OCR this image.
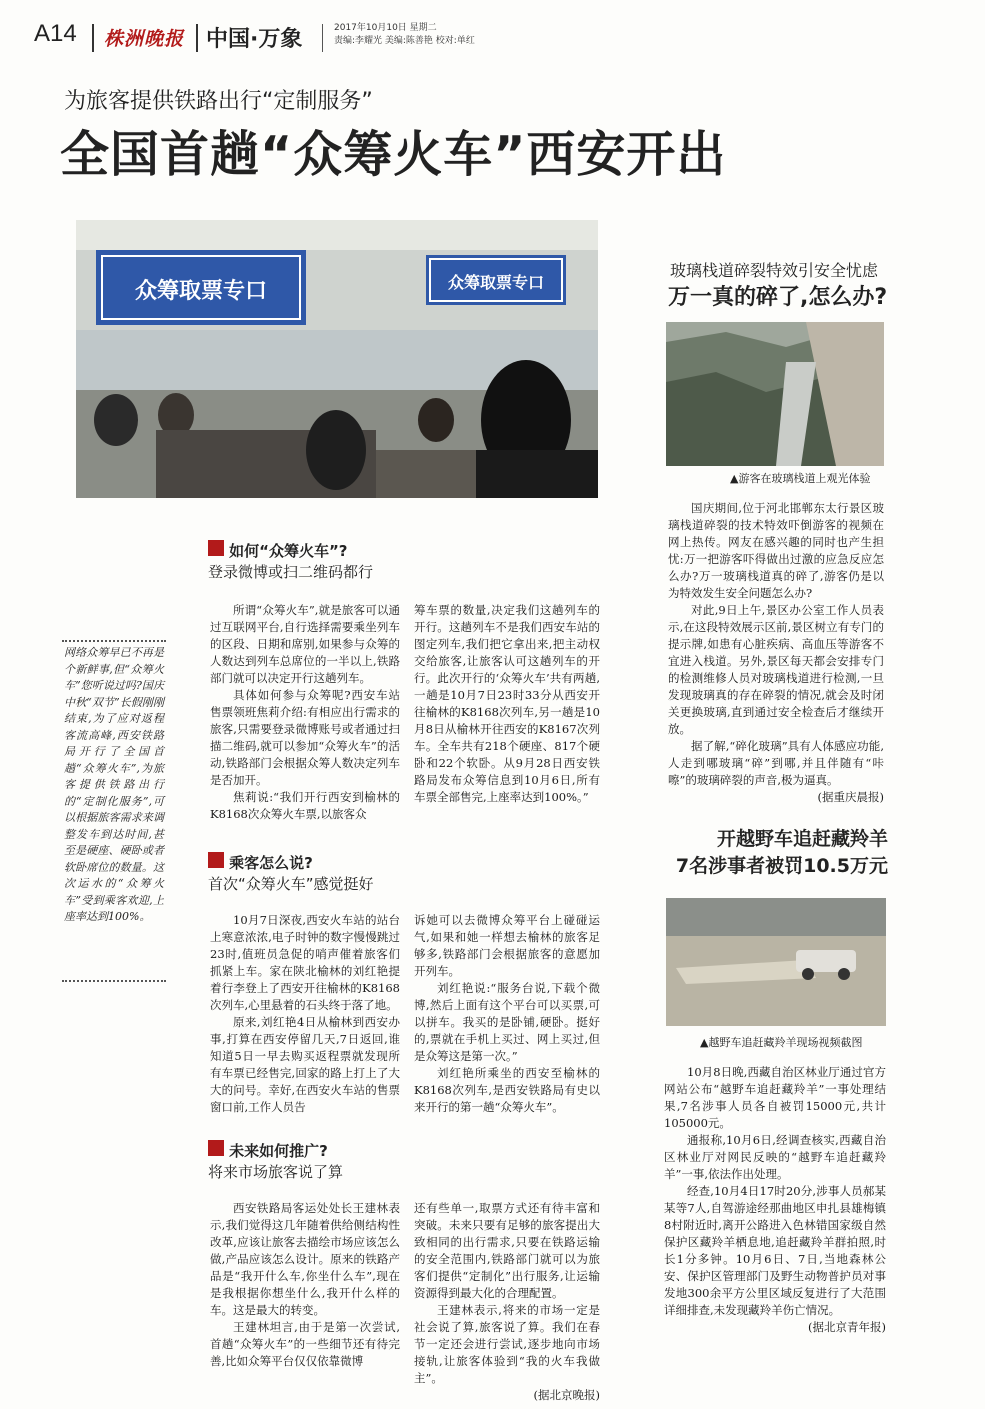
A14 株洲晚报 中国·万象	2017年10月10日 星期二
责编:李耀光 美编:陈善艳 校对:单红
为旅客提供铁路出行“定制服务”
全国首趟“众筹火车”西安开出
众筹取票专口	众筹取票专口
玻璃栈道碎裂特效引安全忧虑
万一真的碎了,怎么办?
▲游客在玻璃栈道上观光体验

国庆期间,位于河北邯郸东太行景区玻璃栈道碎裂的技术特效吓倒游客的视频在网上热传。网友在感兴趣的同时也产生担忧:万一把游客吓得做出过激的应急反应怎么办?万一玻璃栈道真的碎了,游客仍是以为特效发生安全问题怎么办?

对此,9日上午,景区办公室工作人员表示,在这段特效展示区前,景区树立有专门的提示牌,如患有心脏疾病、高血压等游客不宜进入栈道。另外,景区每天都会安排专门的检测维修人员对玻璃栈道进行检测,一旦发现玻璃真的存在碎裂的情况,就会及时闭关更换玻璃,直到通过安全检查后才继续开放。

据了解,“碎化玻璃”具有人体感应功能,人走到哪玻璃“碎”到哪,并且伴随有“咔嚓”的玻璃碎裂的声音,极为逼真。

(据重庆晨报)
开越野车追赶藏羚羊
7名涉事者被罚10.5万元
▲越野车追赶藏羚羊现场视频截图

10月8日晚,西藏自治区林业厅通过官方网站公布“越野车追赶藏羚羊”一事处理结果,7名涉事人员各自被罚15000元,共计105000元。

通报称,10月6日,经调查核实,西藏自治区林业厅对网民反映的“越野车追赶藏羚羊”一事,依法作出处理。

经查,10月4日17时20分,涉事人员郝某某等7人,自驾游途经那曲地区申扎县雄梅镇8村附近时,离开公路进入色林错国家级自然保护区藏羚羊栖息地,追赶藏羚羊群拍照,时长1分多钟。10月6日、7日,当地森林公安、保护区管理部门及野生动物普护员对事发地300余平方公里区域反复进行了大范围详细排查,未发现藏羚羊伤亡情况。

(据北京青年报)
网络众筹早已不再是个新鲜事,但“众筹火车”您听说过吗?国庆中秋“双节”长假刚刚结束,为了应对返程客流高峰,西安铁路局开行了全国首趟“众筹火车”,为旅客提供铁路出行的“定制化服务”,可以根据旅客需求来调整发车到达时间,甚至是硬座、硬卧或者软卧席位的数量。这次运水的“众筹火车”受到乘客欢迎,上座率达到100%。
如何“众筹火车”?
登录微博或扫二维码都行

所谓“众筹火车”,就是旅客可以通过互联网平台,自行选择需要乘坐列车的区段、日期和席别,如果参与众筹的人数达到列车总席位的一半以上,铁路部门就可以决定开行这趟列车。

具体如何参与众筹呢?西安车站售票领班焦莉介绍:有相应出行需求的旅客,只需要登录微博账号或者通过扫描二维码,就可以参加“众筹火车”的活动,铁路部门会根据众筹人数决定列车是否加开。

焦莉说:“我们开行西安到榆林的K8168次众筹火车票,以旅客众

筹车票的数量,决定我们这趟列车的开行。这趟列车不是我们西安车站的图定列车,我们把它拿出来,把主动权交给旅客,让旅客认可这趟列车的开行。此次开行的‘众筹火车’共有两趟,一趟是10月7日23时33分从西安开往榆林的K8168次列车,另一趟是10月8日从榆林开往西安的K8167次列车。全车共有218个硬座、817个硬卧和22个软卧。从9月28日西安铁路局发布众筹信息到10月6日,所有车票全部售完,上座率达到100%。”

乘客怎么说?
首次“众筹火车”感觉挺好

10月7日深夜,西安火车站的站台上寒意浓浓,电子时钟的数字慢慢跳过23时,值班员急促的哨声催着旅客们抓紧上车。家在陕北榆林的刘红艳提着行李登上了西安开往榆林的K8168次列车,心里悬着的石头终于落了地。

原来,刘红艳4日从榆林到西安办事,打算在西安停留几天,7日返回,谁知道5日一早去购买返程票就发现所有车票已经售完,回家的路上打上了大大的问号。幸好,在西安火车站的售票窗口前,工作人员告

诉她可以去微博众筹平台上碰碰运气,如果和她一样想去榆林的旅客足够多,铁路部门会根据旅客的意愿加开列车。

刘红艳说:“服务台说,下载个微博,然后上面有这个平台可以买票,可以拼车。我买的是卧铺,硬卧。挺好的,票就在手机上买过、网上买过,但是众筹这是第一次。”

刘红艳所乘坐的西安至榆林的K8168次列车,是西安铁路局有史以来开行的第一趟“众筹火车”。

未来如何推广?
将来市场旅客说了算

西安铁路局客运处处长王建林表示,我们觉得这几年随着供给侧结构性改革,应该让旅客去描绘市场应该怎么做,产品应该怎么设计。原来的铁路产品是“我开什么车,你坐什么车”,现在是我根据你想坐什么,我开什么样的车。这是最大的转变。

王建林坦言,由于是第一次尝试,首趟“众筹火车”的一些细节还有待完善,比如众筹平台仅仅依靠微博

还有些单一,取票方式还有待丰富和突破。未来只要有足够的旅客提出大致相同的出行需求,只要在铁路运输的安全范围内,铁路部门就可以为旅客们提供“定制化”出行服务,让运输资源得到最大化的合理配置。

王建林表示,将来的市场一定是社会说了算,旅客说了算。我们在春节一定还会进行尝试,逐步地向市场接轨,让旅客体验到“我的火车我做主”。

(据北京晚报)
